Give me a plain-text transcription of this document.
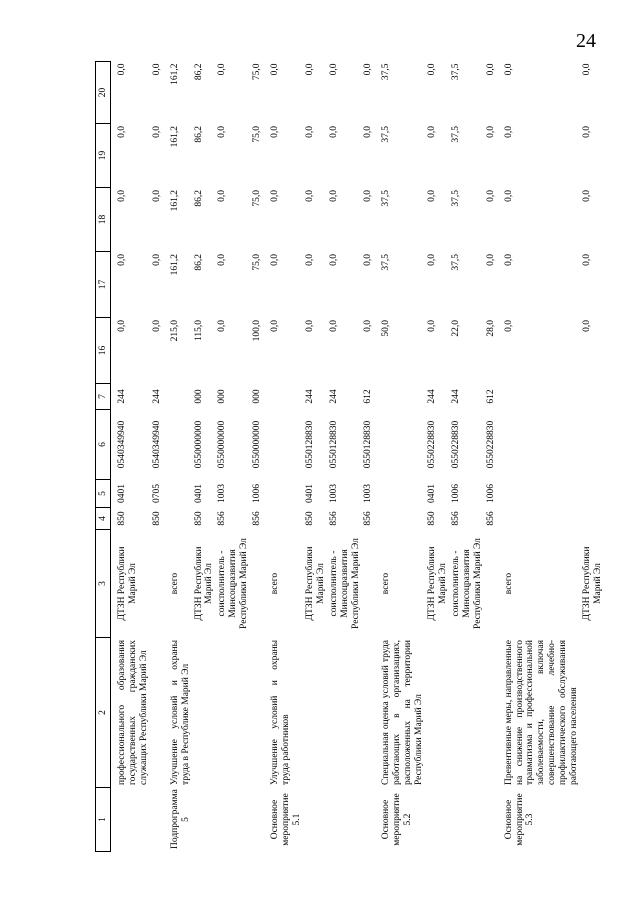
24
1	2	3	4	5	6	7	16	17	18	19	20
	профессионального образования государственных гражданских служащих Республики Марий Эл	ДТЗН Республики Марий Эл	850	0401	0540349940	244	0,0	0,0	0,0	0,0	0,0
			850	0705	0540349940	244	0,0	0,0	0,0	0,0	0,0
Подпрограмма 5	Улучшение условий и охраны труда в Республике Марий Эл	всего					215,0	161,2	161,2	161,2	161,2
		ДТЗН Республики Марий Эл	850	0401	0550000000	000	115,0	86,2	86,2	86,2	86,2
		соисполнитель - Минсоцразвития Республики Марий Эл	856	1003	0550000000	000	0,0	0,0	0,0	0,0	0,0
			856	1006	0550000000	000	100,0	75,0	75,0	75,0	75,0
Основное мероприятие 5.1	Улучшение условий и охраны труда работников	всего					0,0	0,0	0,0	0,0	0,0
		ДТЗН Республики Марий Эл	850	0401	0550128830	244	0,0	0,0	0,0	0,0	0,0
		соисполнитель - Минсоцразвития Республики Марий Эл	856	1003	0550128830	244	0,0	0,0	0,0	0,0	0,0
			856	1003	0550128830	612	0,0	0,0	0,0	0,0	0,0
Основное мероприятие 5.2	Специальная оценка условий труда работающих в организациях, расположенных на территории Республики Марий Эл	всего					50,0	37,5	37,5	37,5	37,5
		ДТЗН Республики Марий Эл	850	0401	0550228830	244	0,0	0,0	0,0	0,0	0,0
		соисполнитель - Минсоцразвития Республики Марий Эл	856	1006	0550228830	244	22,0	37,5	37,5	37,5	37,5
			856	1006	0550228830	612	28,0	0,0	0,0	0,0	0,0
Основное мероприятие 5.3	Превентивные меры, направленные на снижение производственного травматизма и профессиональной заболеваемости, включая совершенствование лечебно-профилактического обслуживания работающего населения	всего					0,0	0,0	0,0	0,0	0,0
		ДТЗН Республики Марий Эл					0,0	0,0	0,0	0,0	0,0
